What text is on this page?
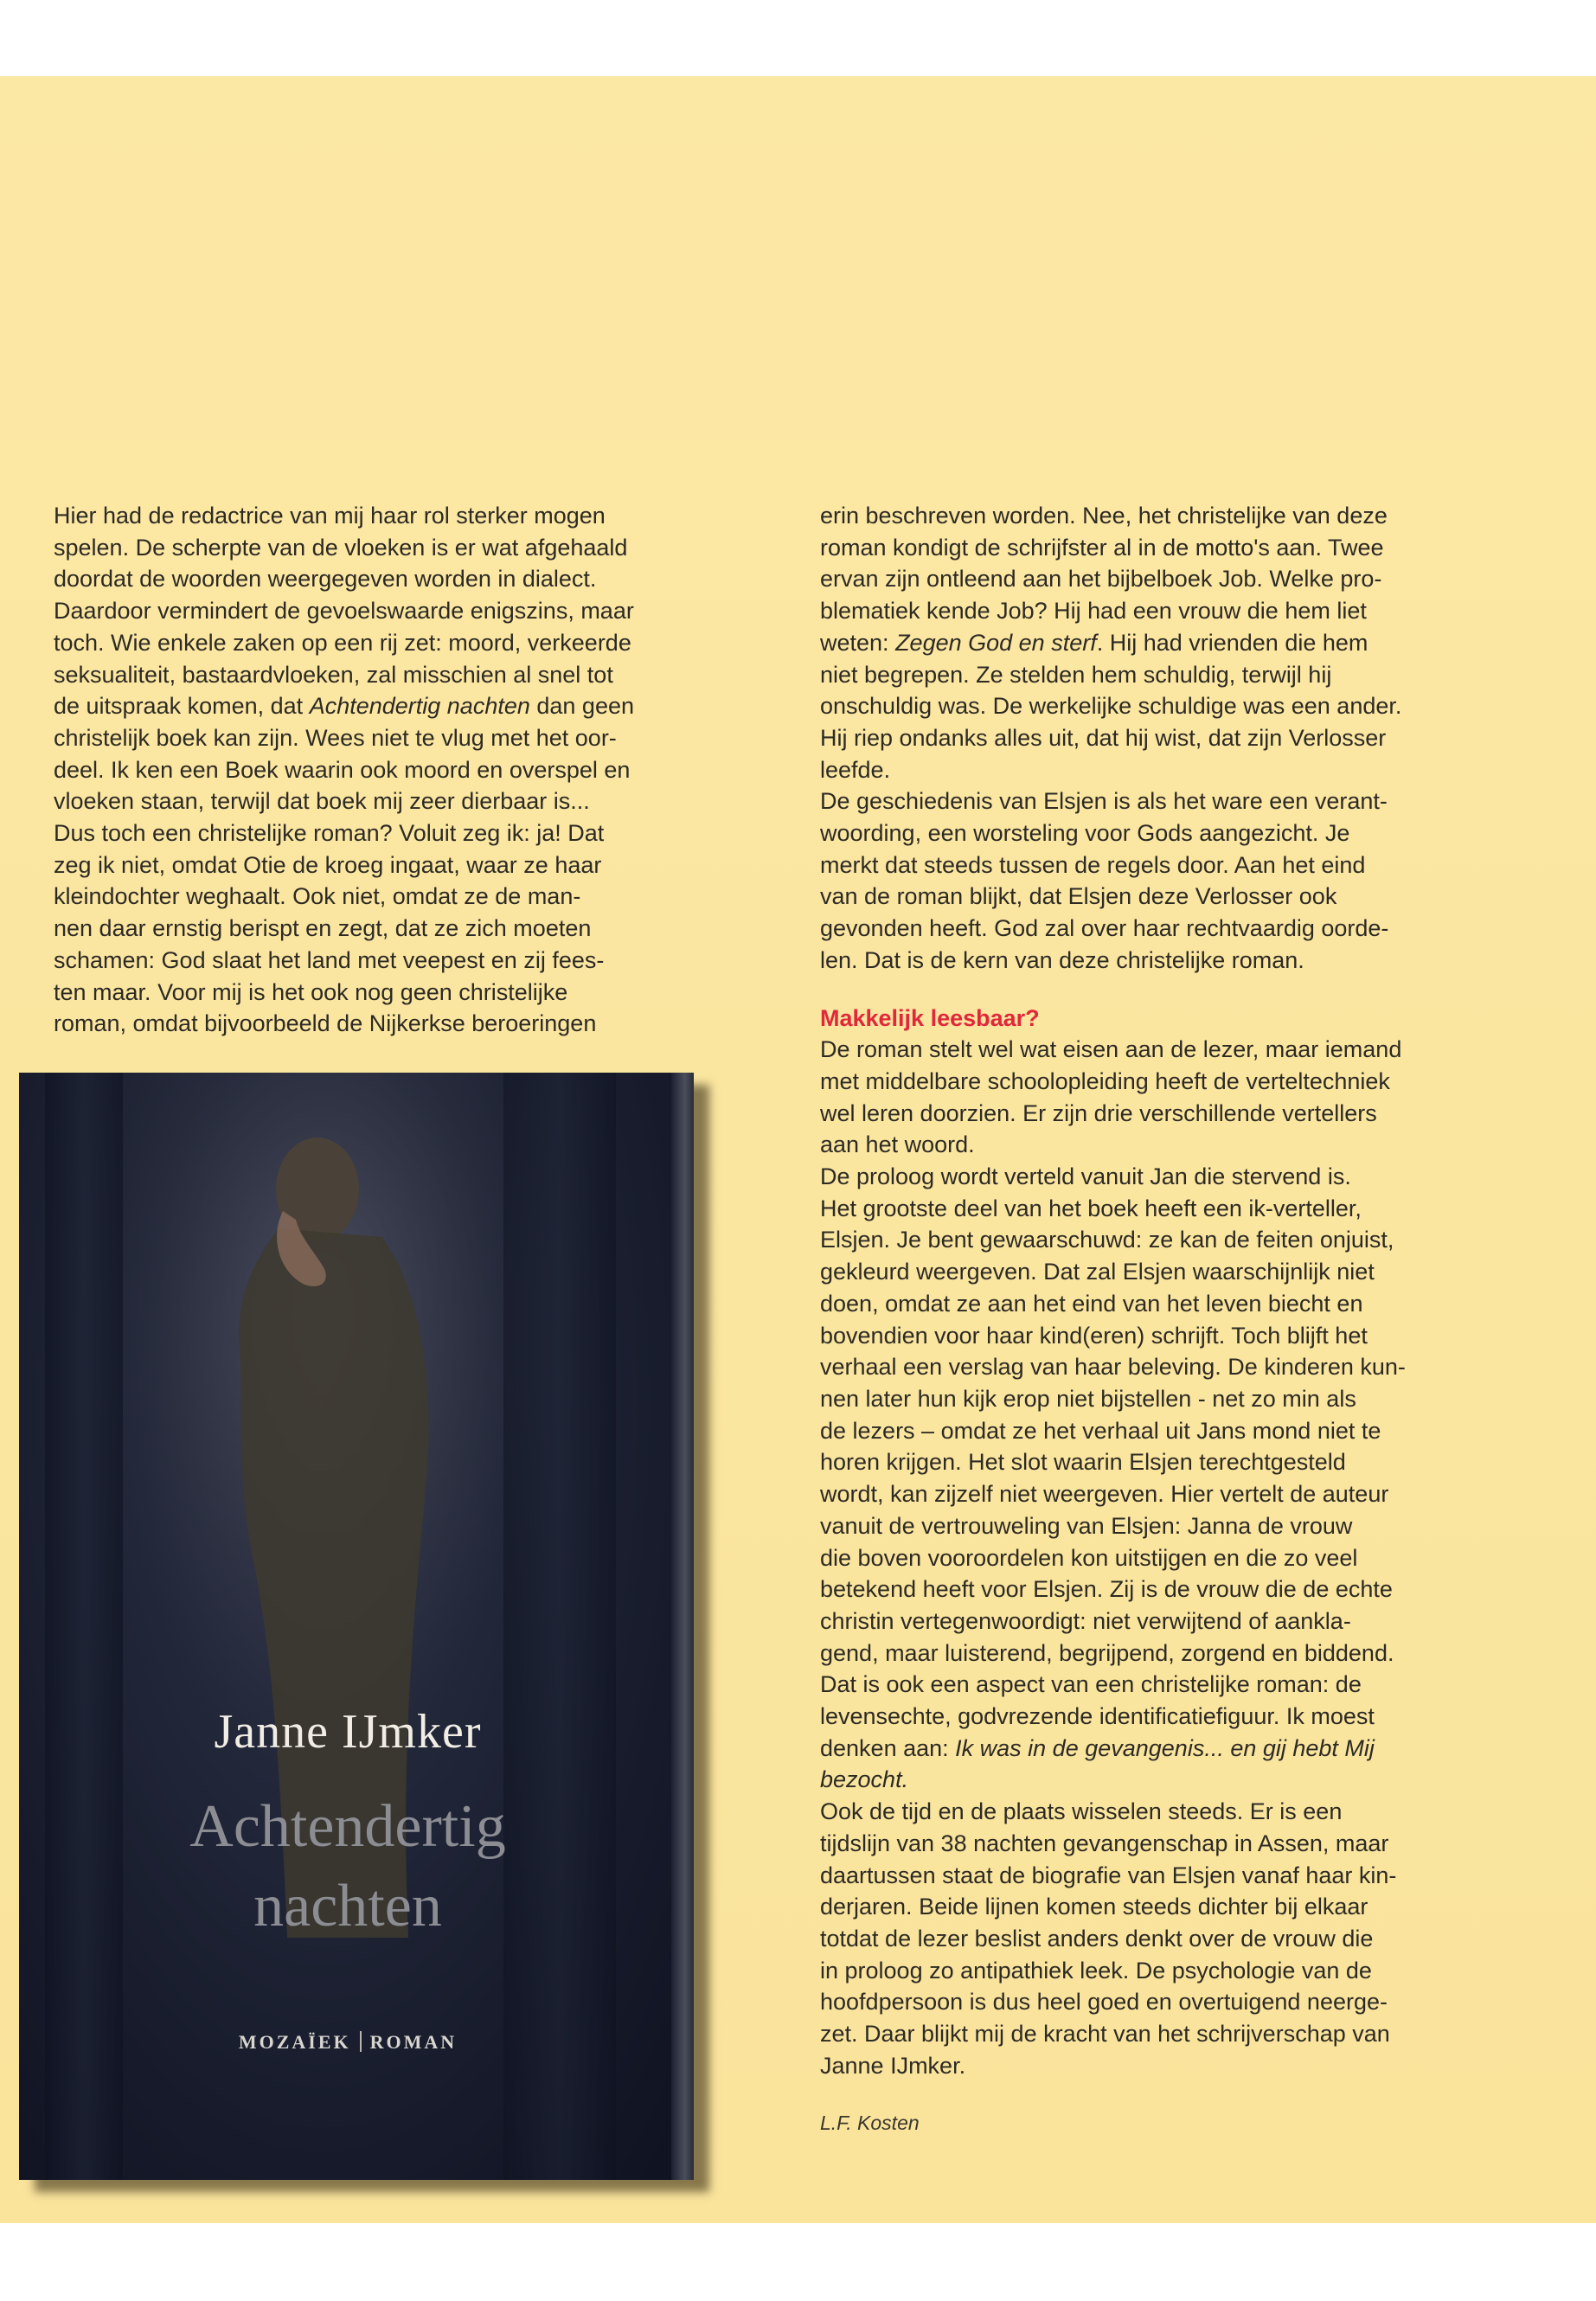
Hier had de redactrice van mij haar rol sterker mogen
spelen. De scherpte van de vloeken is er wat afgehaald
doordat de woorden weergegeven worden in dialect.
Daardoor vermindert de gevoelswaarde enigszins, maar
toch. Wie enkele zaken op een rij zet: moord, verkeerde
seksualiteit, bastaardvloeken, zal misschien al snel tot
de uitspraak komen, dat Achtendertig nachten dan geen
christelijk boek kan zijn. Wees niet te vlug met het oor-
deel. Ik ken een Boek waarin ook moord en overspel en
vloeken staan, terwijl dat boek mij zeer dierbaar is...
Dus toch een christelijke roman? Voluit zeg ik: ja! Dat
zeg ik niet, omdat Otie de kroeg ingaat, waar ze haar
kleindochter weghaalt. Ook niet, omdat ze de man-
nen daar ernstig berispt en zegt, dat ze zich moeten
schamen: God slaat het land met veepest en zij fees-
ten maar. Voor mij is het ook nog geen christelijke
roman, omdat bijvoorbeeld de Nijkerkse beroeringen

Janne IJmker
Achtendertig
nachten
MOZAÏEK ROMAN

erin beschreven worden. Nee, het christelijke van deze
roman kondigt de schrijfster al in de motto's aan. Twee
ervan zijn ontleend aan het bijbelboek Job. Welke pro-
blematiek kende Job? Hij had een vrouw die hem liet
weten: Zegen God en sterf. Hij had vrienden die hem
niet begrepen. Ze stelden hem schuldig, terwijl hij
onschuldig was. De werkelijke schuldige was een ander.
Hij riep ondanks alles uit, dat hij wist, dat zijn Verlosser
leefde.

De geschiedenis van Elsjen is als het ware een verant-
woording, een worsteling voor Gods aangezicht. Je
merkt dat steeds tussen de regels door. Aan het eind
van de roman blijkt, dat Elsjen deze Verlosser ook
gevonden heeft. God zal over haar rechtvaardig oorde-
len. Dat is de kern van deze christelijke roman.

Makkelijk leesbaar?

De roman stelt wel wat eisen aan de lezer, maar iemand
met middelbare schoolopleiding heeft de verteltechniek
wel leren doorzien. Er zijn drie verschillende vertellers
aan het woord.

De proloog wordt verteld vanuit Jan die stervend is.
Het grootste deel van het boek heeft een ik-verteller,
Elsjen. Je bent gewaarschuwd: ze kan de feiten onjuist,
gekleurd weergeven. Dat zal Elsjen waarschijnlijk niet
doen, omdat ze aan het eind van het leven biecht en
bovendien voor haar kind(eren) schrijft. Toch blijft het
verhaal een verslag van haar beleving. De kinderen kun-
nen later hun kijk erop niet bijstellen - net zo min als
de lezers – omdat ze het verhaal uit Jans mond niet te
horen krijgen. Het slot waarin Elsjen terechtgesteld
wordt, kan zijzelf niet weergeven. Hier vertelt de auteur
vanuit de vertrouweling van Elsjen: Janna de vrouw
die boven vooroordelen kon uitstijgen en die zo veel
betekend heeft voor Elsjen. Zij is de vrouw die de echte
christin vertegenwoordigt: niet verwijtend of aankla-
gend, maar luisterend, begrijpend, zorgend en biddend.
Dat is ook een aspect van een christelijke roman: de
levensechte, godvrezende identificatiefiguur. Ik moest
denken aan: Ik was in de gevangenis... en gij hebt Mij
bezocht.

Ook de tijd en de plaats wisselen steeds. Er is een
tijdslijn van 38 nachten gevangenschap in Assen, maar
daartussen staat de biografie van Elsjen vanaf haar kin-
derjaren. Beide lijnen komen steeds dichter bij elkaar
totdat de lezer beslist anders denkt over de vrouw die
in proloog zo antipathiek leek. De psychologie van de
hoofdpersoon is dus heel goed en overtuigend neerge-
zet. Daar blijkt mij de kracht van het schrijverschap van
Janne IJmker.

L.F. Kosten
